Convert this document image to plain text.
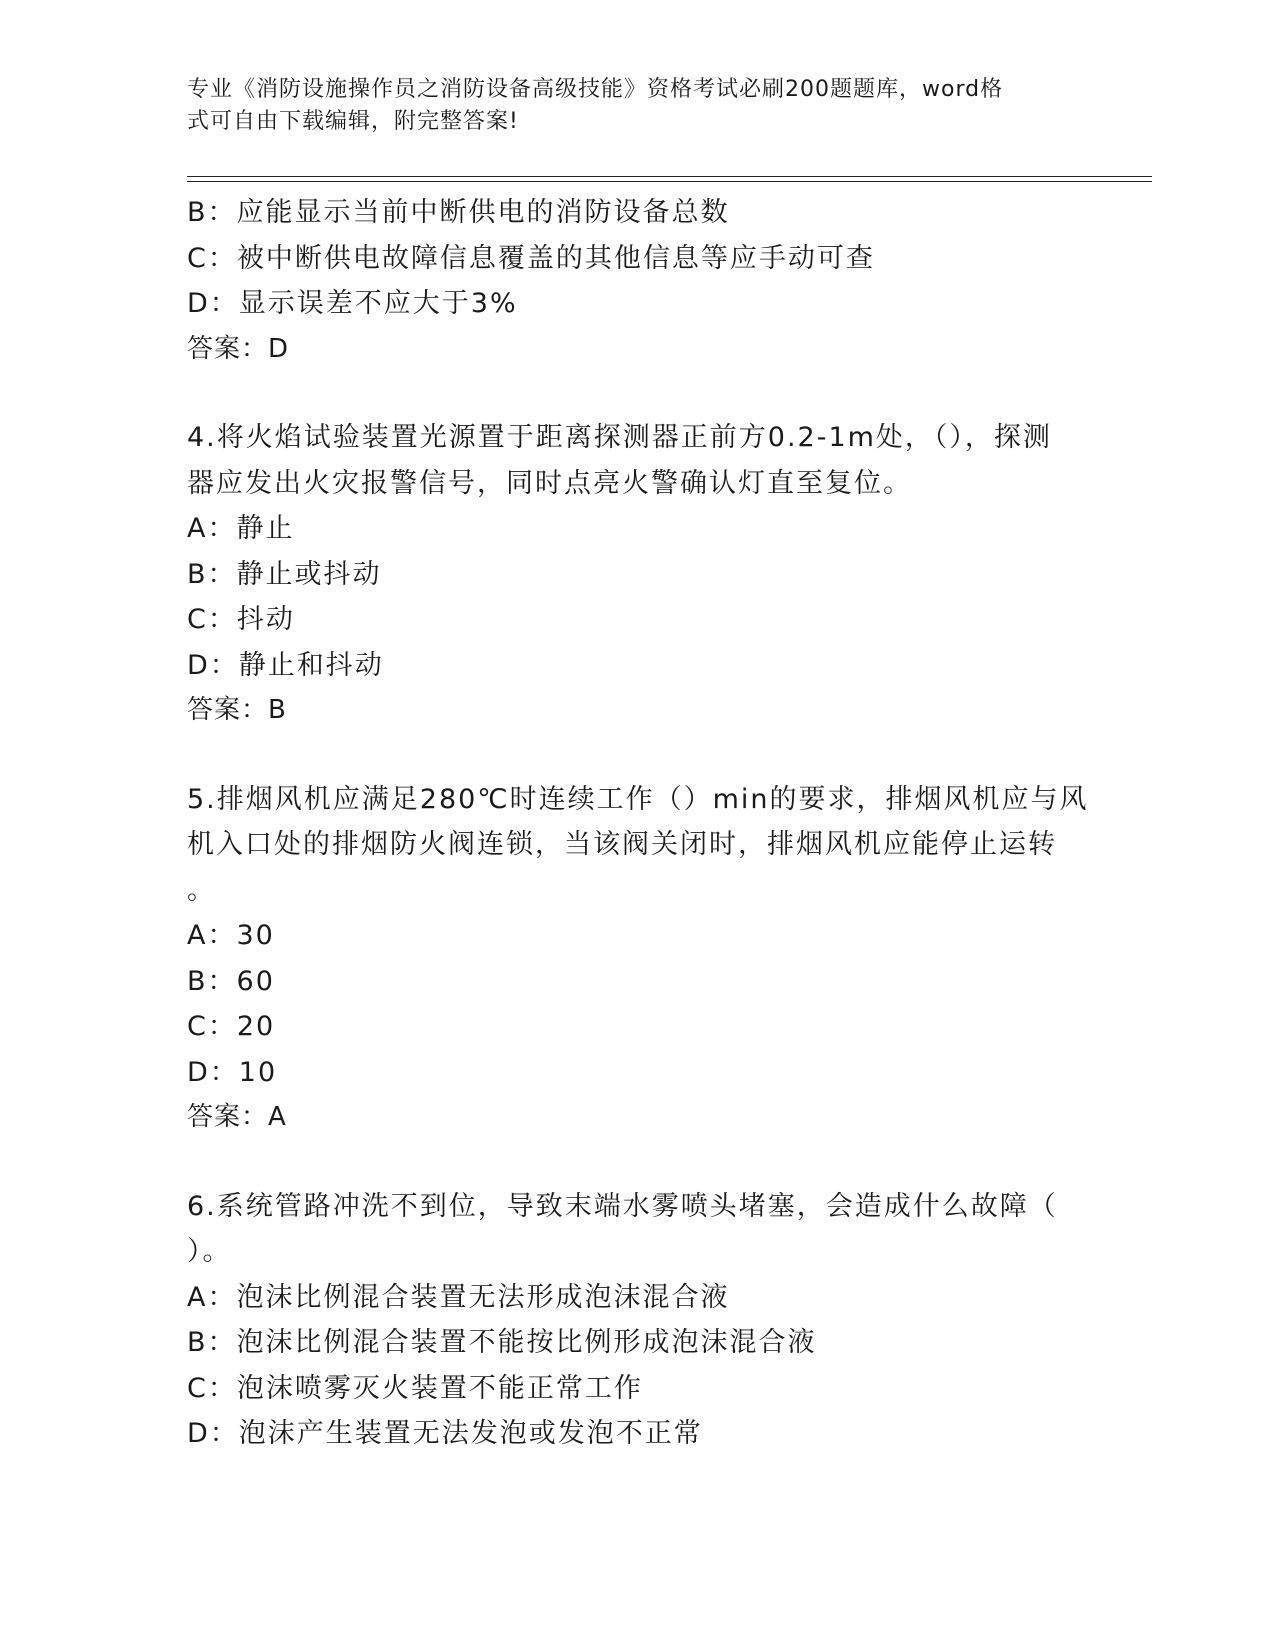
专业《消防设施操作员之消防设备高级技能》资格考试必刷200题题库，word格
式可自由下载编辑，附完整答案!
B：应能显示当前中断供电的消防设备总数
C：被中断供电故障信息覆盖的其他信息等应手动可查
D：显示误差不应大于3%
答案：D
4.将火焰试验装置光源置于距离探测器正前方0.2-1m处，（），探测
器应发出火灾报警信号，同时点亮火警确认灯直至复位。
A：静止
B：静止或抖动
C：抖动
D：静止和抖动
答案：B
5.排烟风机应满足280℃时连续工作（）min的要求，排烟风机应与风
机入口处的排烟防火阀连锁，当该阀关闭时，排烟风机应能停止运转
。
A：30
B：60
C：20
D：10
答案：A
6.系统管路冲洗不到位，导致末端水雾喷头堵塞，会造成什么故障（
）。
A：泡沫比例混合装置无法形成泡沫混合液
B：泡沫比例混合装置不能按比例形成泡沫混合液
C：泡沫喷雾灭火装置不能正常工作
D：泡沫产生装置无法发泡或发泡不正常
